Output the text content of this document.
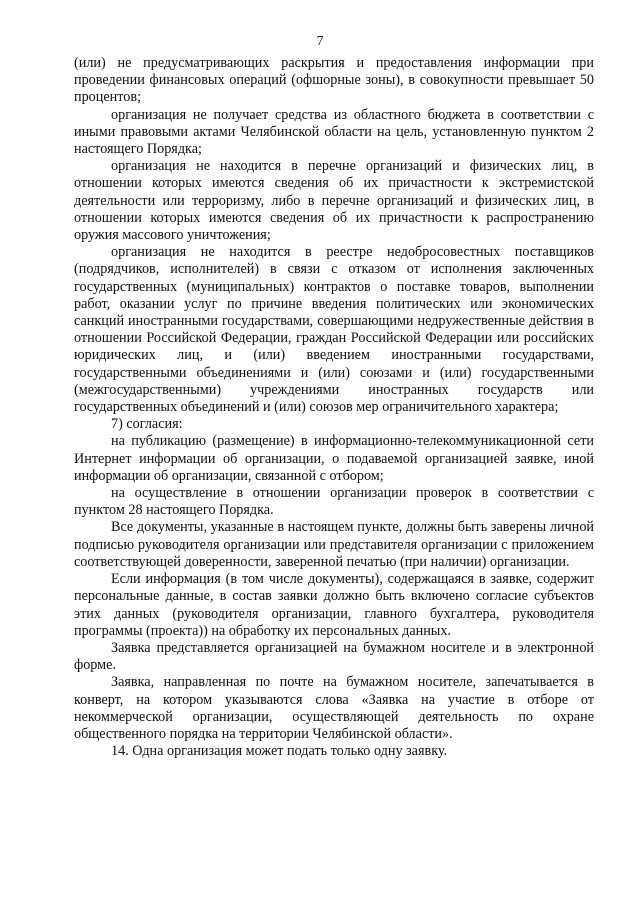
7

(или) не предусматривающих раскрытия и предоставления информации при проведении финансовых операций (офшорные зоны), в совокупности превышает 50 процентов;

организация не получает средства из областного бюджета в соответствии с иными правовыми актами Челябинской области на цель, установленную пунктом 2 настоящего Порядка;

организация не находится в перечне организаций и физических лиц, в отношении которых имеются сведения об их причастности к экстремистской деятельности или терроризму, либо в перечне организаций и физических лиц, в отношении которых имеются сведения об их причастности к распространению оружия массового уничтожения;

организация не находится в реестре недобросовестных поставщиков (подрядчиков, исполнителей) в связи с отказом от исполнения заключенных государственных (муниципальных) контрактов о поставке товаров, выполнении работ, оказании услуг по причине введения политических или экономических санкций иностранными государствами, совершающими недружественные действия в отношении Российской Федерации, граждан Российской Федерации или российских юридических лиц, и (или) введением иностранными государствами, государственными объединениями и (или) союзами и (или) государственными (межгосударственными) учреждениями иностранных государств или государственных объединений и (или) союзов мер ограничительного характера;

7) согласия:

на публикацию (размещение) в информационно-телекоммуникационной сети Интернет информации об организации, о подаваемой организацией заявке, иной информации об организации, связанной с отбором;

на осуществление в отношении организации проверок в соответствии с пунктом 28 настоящего Порядка.

Все документы, указанные в настоящем пункте, должны быть заверены личной подписью руководителя организации или представителя организации с приложением соответствующей доверенности, заверенной печатью (при наличии) организации.

Если информация (в том числе документы), содержащаяся в заявке, содержит персональные данные, в состав заявки должно быть включено согласие субъектов этих данных (руководителя организации, главного бухгалтера, руководителя программы (проекта)) на обработку их персональных данных.

Заявка представляется организацией на бумажном носителе и в электронной форме.

Заявка, направленная по почте на бумажном носителе, запечатывается в конверт, на котором указываются слова «Заявка на участие в отборе от некоммерческой организации, осуществляющей деятельность по охране общественного порядка на территории Челябинской области».

14. Одна организация может подать только одну заявку.
